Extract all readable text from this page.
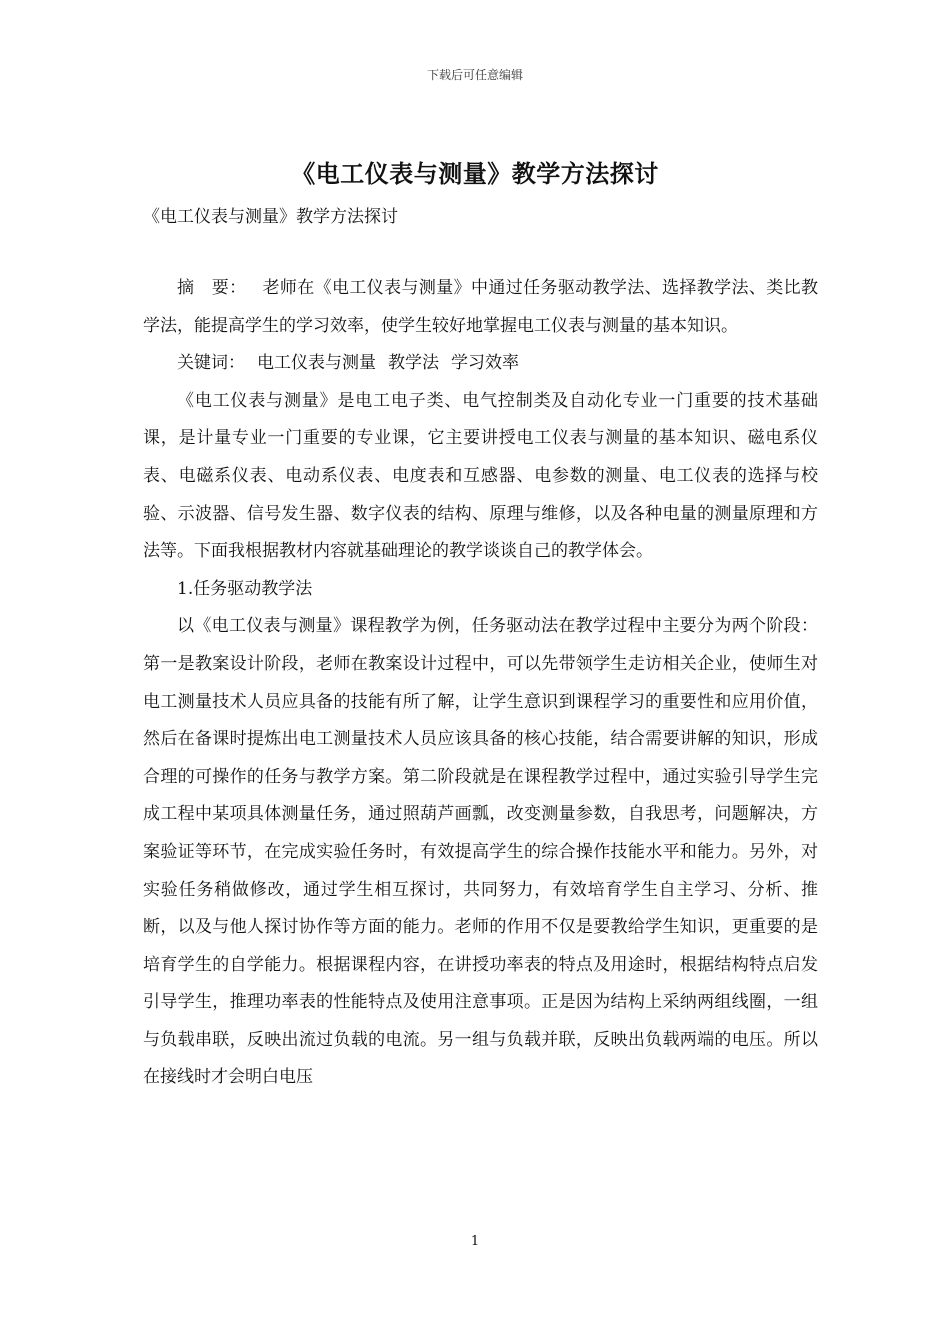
下载后可任意编辑
《电工仪表与测量》教学方法探讨

《电工仪表与测量》教学方法探讨

摘　要： 老师在《电工仪表与测量》中通过任务驱动教学法、选择教学法、类比教学法，能提高学生的学习效率，使学生较好地掌握电工仪表与测量的基本知识。

关键词： 电工仪表与测量 教学法 学习效率

《电工仪表与测量》是电工电子类、电气控制类及自动化专业一门重要的技术基础课，是计量专业一门重要的专业课，它主要讲授电工仪表与测量的基本知识、磁电系仪表、电磁系仪表、电动系仪表、电度表和互感器、电参数的测量、电工仪表的选择与校验、示波器、信号发生器、数字仪表的结构、原理与维修，以及各种电量的测量原理和方法等。下面我根据教材内容就基础理论的教学谈谈自己的教学体会。

1.任务驱动教学法

以《电工仪表与测量》课程教学为例，任务驱动法在教学过程中主要分为两个阶段：第一是教案设计阶段，老师在教案设计过程中，可以先带领学生走访相关企业，使师生对电工测量技术人员应具备的技能有所了解，让学生意识到课程学习的重要性和应用价值，然后在备课时提炼出电工测量技术人员应该具备的核心技能，结合需要讲解的知识，形成合理的可操作的任务与教学方案。第二阶段就是在课程教学过程中，通过实验引导学生完成工程中某项具体测量任务，通过照葫芦画瓢，改变测量参数，自我思考，问题解决，方案验证等环节，在完成实验任务时，有效提高学生的综合操作技能水平和能力。另外，对实验任务稍做修改，通过学生相互探讨，共同努力，有效培育学生自主学习、分析、推断，以及与他人探讨协作等方面的能力。老师的作用不仅是要教给学生知识，更重要的是培育学生的自学能力。根据课程内容，在讲授功率表的特点及用途时，根据结构特点启发引导学生，推理功率表的性能特点及使用注意事项。正是因为结构上采纳两组线圈，一组与负载串联，反映出流过负载的电流。另一组与负载并联，反映出负载两端的电压。所以在接线时才会明白电压

1
